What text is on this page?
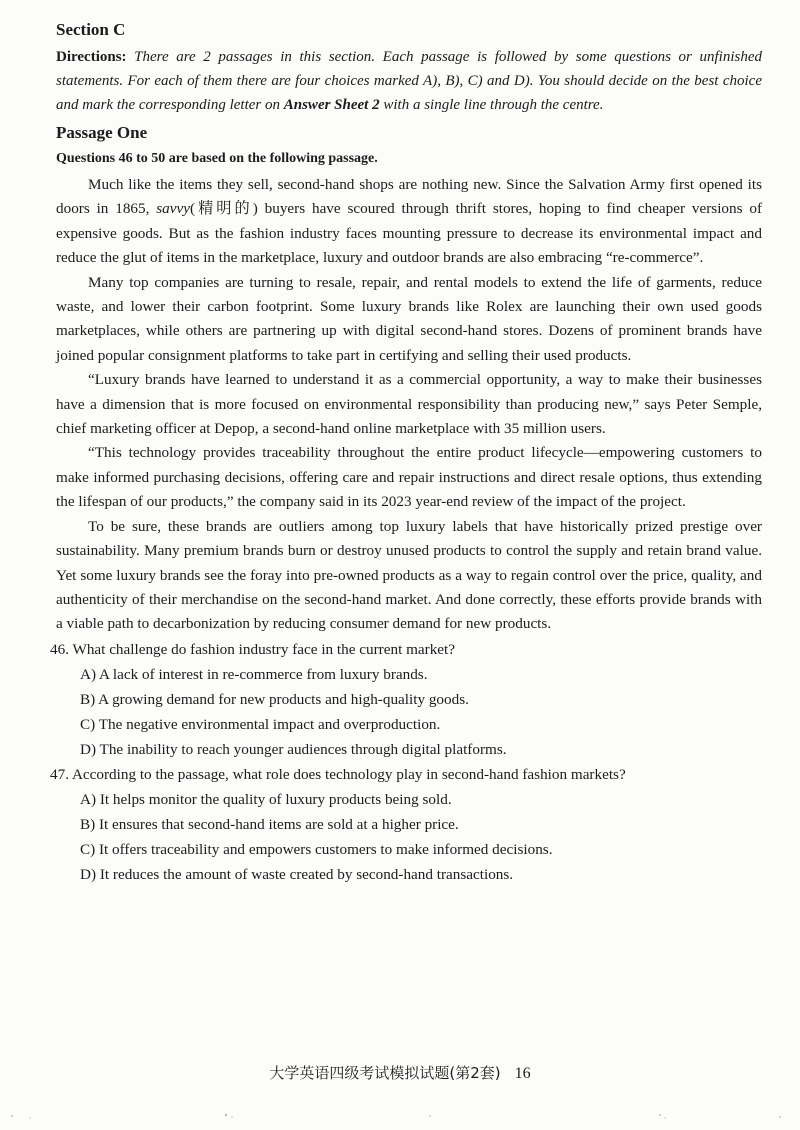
Section C

Directions: There are 2 passages in this section. Each passage is followed by some questions or unfinished statements. For each of them there are four choices marked A), B), C) and D). You should decide on the best choice and mark the corresponding letter on Answer Sheet 2 with a single line through the centre.

Passage One
Questions 46 to 50 are based on the following passage.

Much like the items they sell, second-hand shops are nothing new. Since the Salvation Army first opened its doors in 1865, savvy(精明的) buyers have scoured through thrift stores, hoping to find cheaper versions of expensive goods. But as the fashion industry faces mounting pressure to decrease its environmental impact and reduce the glut of items in the marketplace, luxury and outdoor brands are also embracing “re-commerce”.

Many top companies are turning to resale, repair, and rental models to extend the life of garments, reduce waste, and lower their carbon footprint. Some luxury brands like Rolex are launching their own used goods marketplaces, while others are partnering up with digital second-hand stores. Dozens of prominent brands have joined popular consignment platforms to take part in certifying and selling their used products.

“Luxury brands have learned to understand it as a commercial opportunity, a way to make their businesses have a dimension that is more focused on environmental responsibility than producing new,” says Peter Semple, chief marketing officer at Depop, a second-hand online marketplace with 35 million users.

“This technology provides traceability throughout the entire product lifecycle—empowering customers to make informed purchasing decisions, offering care and repair instructions and direct resale options, thus extending the lifespan of our products,” the company said in its 2023 year-end review of the impact of the project.

To be sure, these brands are outliers among top luxury labels that have historically prized prestige over sustainability. Many premium brands burn or destroy unused products to control the supply and retain brand value. Yet some luxury brands see the foray into pre-owned products as a way to regain control over the price, quality, and authenticity of their merchandise on the second-hand market. And done correctly, these efforts provide brands with a viable path to decarbonization by reducing consumer demand for new products.

46. What challenge do fashion industry face in the current market?
A) A lack of interest in re-commerce from luxury brands.
B) A growing demand for new products and high-quality goods.
C) The negative environmental impact and overproduction.
D) The inability to reach younger audiences through digital platforms.
47. According to the passage, what role does technology play in second-hand fashion markets?
A) It helps monitor the quality of luxury products being sold.
B) It ensures that second-hand items are sold at a higher price.
C) It offers traceability and empowers customers to make informed decisions.
D) It reduces the amount of waste created by second-hand transactions.
大学英语四级考试模拟试题(第2套) 16
